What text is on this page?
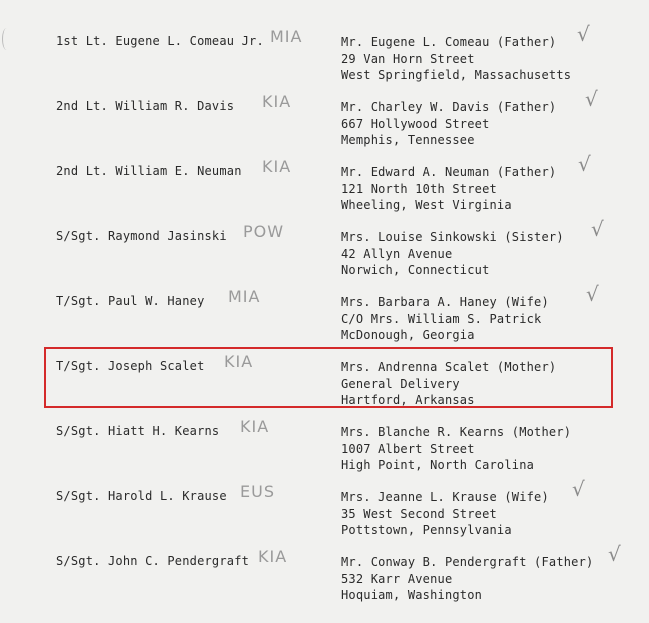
1st Lt. Eugene L. Comeau Jr. MIA	Mr. Eugene L. Comeau (Father)
29 Van Horn Street
West Springfield, Massachusetts
√
2nd Lt. William R. Davis KIA	Mr. Charley W. Davis (Father)
667 Hollywood Street
Memphis, Tennessee
√
2nd Lt. William E. Neuman KIA	Mr. Edward A. Neuman (Father)
121 North 10th Street
Wheeling, West Virginia
√
S/Sgt. Raymond Jasinski POW	Mrs. Louise Sinkowski (Sister)
42 Allyn Avenue
Norwich, Connecticut
√
T/Sgt. Paul W. Haney MIA	Mrs. Barbara A. Haney (Wife)
C/O Mrs. William S. Patrick
McDonough, Georgia
√
T/Sgt. Joseph Scalet KIA	Mrs. Andrenna Scalet (Mother)
General Delivery
Hartford, Arkansas
S/Sgt. Hiatt H. Kearns KIA	Mrs. Blanche R. Kearns (Mother)
1007 Albert Street
High Point, North Carolina
S/Sgt. Harold L. Krause EUS	Mrs. Jeanne L. Krause (Wife)
35 West Second Street
Pottstown, Pennsylvania
√
S/Sgt. John C. Pendergraft KIA	Mr. Conway B. Pendergraft (Father)
532 Karr Avenue
Hoquiam, Washington
√
